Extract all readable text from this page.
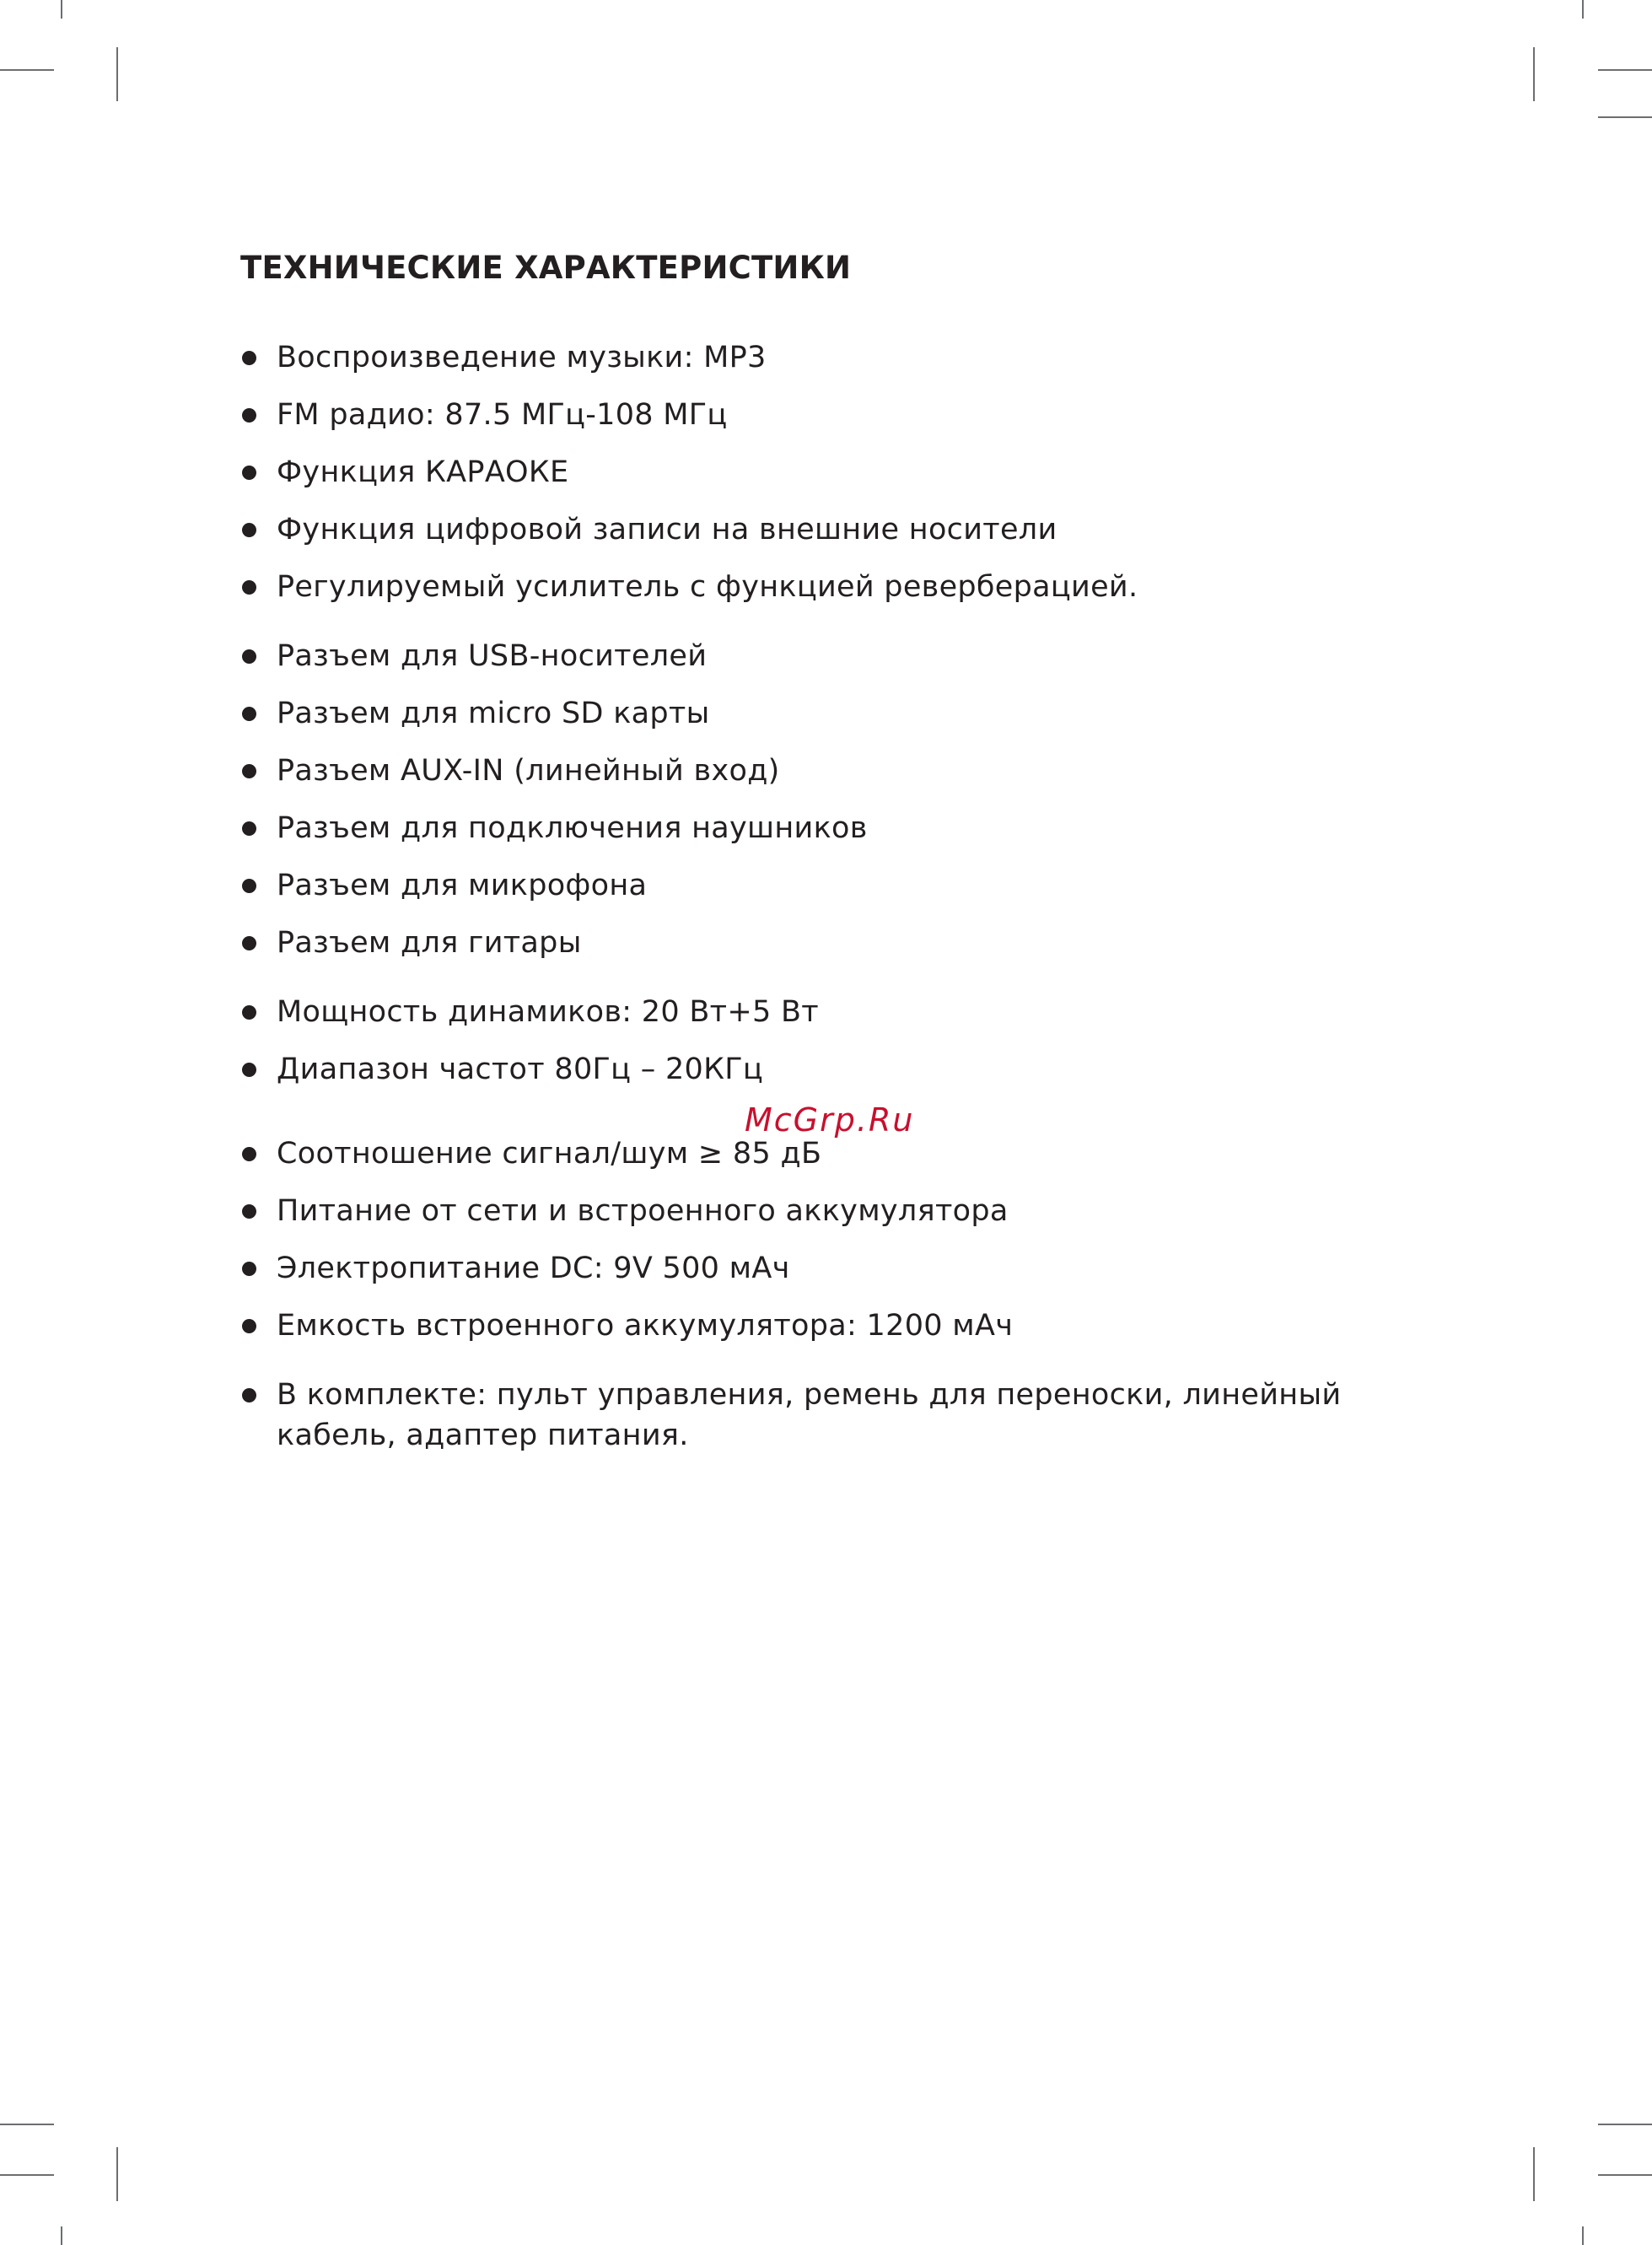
ТЕХНИЧЕСКИЕ ХАРАКТЕРИСТИКИ
Воспроизведение музыки: MP3
FM радио: 87.5 МГц-108 МГц
Функция КАРАОКЕ
Функция цифровой записи на внешние носители
Регулируемый усилитель с функцией реверберацией.
Разъем для USB-носителей
Разъем для micro SD карты
Разъем AUX-IN (линейный вход)
Разъем для подключения наушников
Разъем для микрофона
Разъем для гитары
Мощность динамиков: 20 Вт+5 Вт
Диапазон частот 80Гц – 20КГц
Соотношение сигнал/шум ≥ 85 дБ
Питание от сети и встроенного аккумулятора
Электропитание DC: 9V 500 мАч
Емкость встроенного аккумулятора: 1200 мАч
В комплекте: пульт управления, ремень для переноски, линейный кабель, адаптер питания.
McGrp.Ru
